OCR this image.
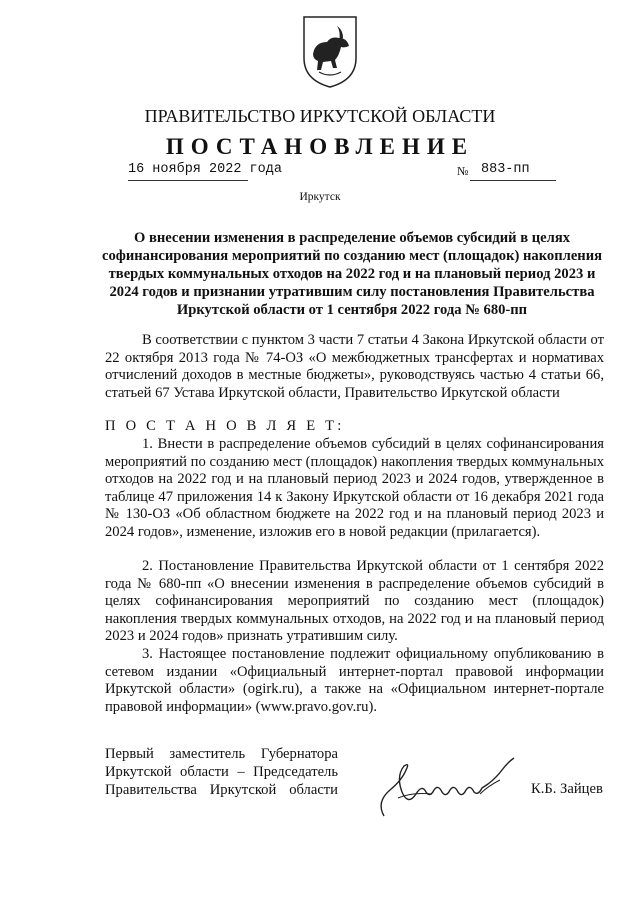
ПРАВИТЕЛЬСТВО ИРКУТСКОЙ ОБЛАСТИ
ПОСТАНОВЛЕНИЕ
16 ноября 2022 года	№ 883-пп
Иркутск
О внесении изменения в распределение объемов субсидий в целях софинансирования мероприятий по созданию мест (площадок) накопления твердых коммунальных отходов на 2022 год и на плановый период 2023 и 2024 годов и признании утратившим силу постановления Правительства Иркутской области от 1 сентября 2022 года № 680-пп
В соответствии с пунктом 3 части 7 статьи 4 Закона Иркутской области от 22 октября 2013 года № 74-ОЗ «О межбюджетных трансфертах и нормативах отчислений доходов в местные бюджеты», руководствуясь частью 4 статьи 66, статьей 67 Устава Иркутской области, Правительство Иркутской области
П О С Т А Н О В Л Я Е Т:
1. Внести в распределение объемов субсидий в целях софинансирования мероприятий по созданию мест (площадок) накопления твердых коммунальных отходов на 2022 год и на плановый период 2023 и 2024 годов, утвержденное в таблице 47 приложения 14 к Закону Иркутской области от 16 декабря 2021 года № 130-ОЗ «Об областном бюджете на 2022 год и на плановый период 2023 и 2024 годов», изменение, изложив его в новой редакции (прилагается).
2. Постановление Правительства Иркутской области от 1 сентября 2022 года № 680-пп «О внесении изменения в распределение объемов субсидий в целях софинансирования мероприятий по созданию мест (площадок) накопления твердых коммунальных отходов, на 2022 год и на плановый период 2023 и 2024 годов» признать утратившим силу.
3. Настоящее постановление подлежит официальному опубликованию в сетевом издании «Официальный интернет-портал правовой информации Иркутской области» (ogirk.ru), а также на «Официальном интернет-портале правовой информации» (www.pravo.gov.ru).
Первый заместитель Губернатора
Иркутской области – Председатель
Правительства Иркутской области	К.Б. Зайцев
